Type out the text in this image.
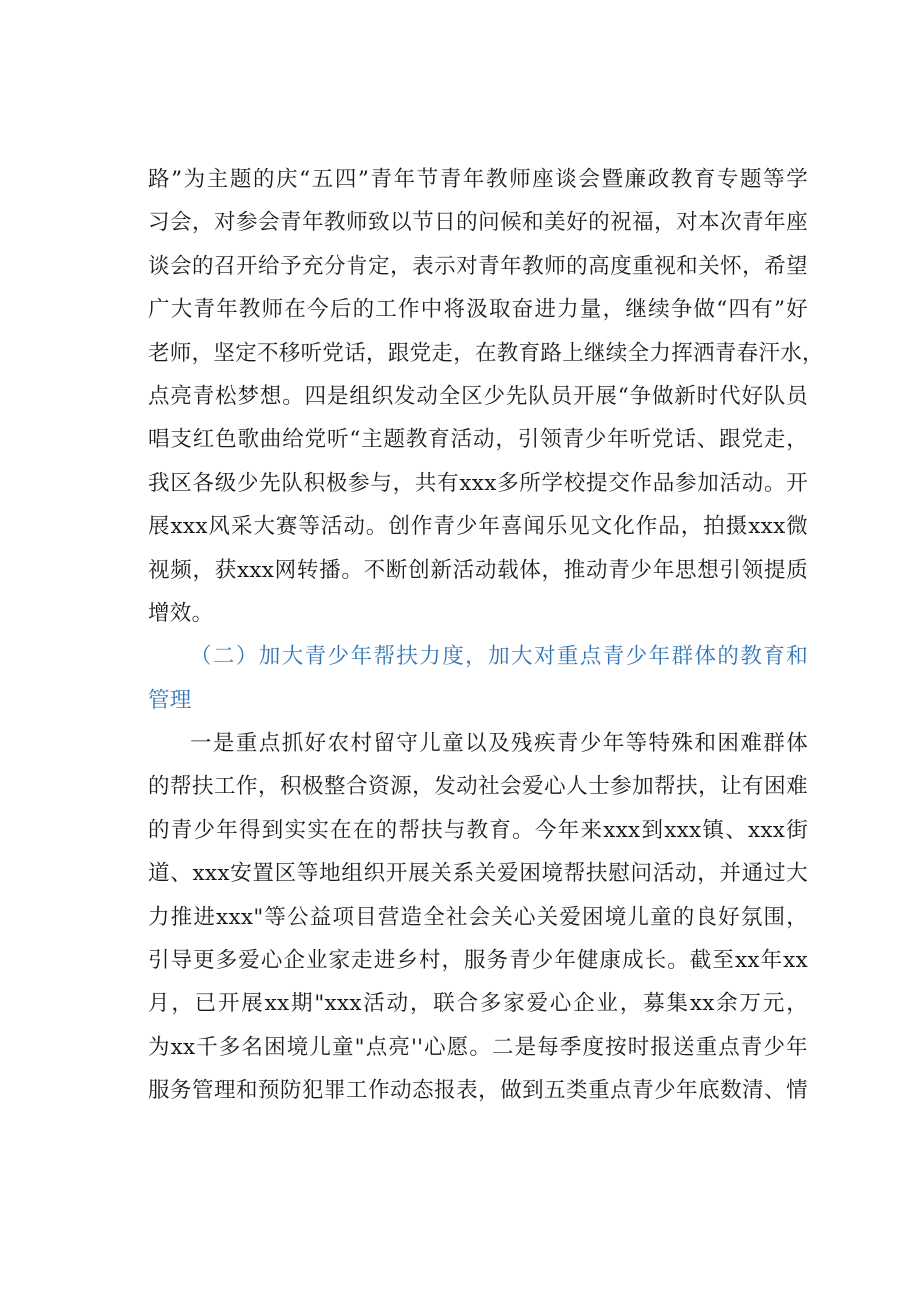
路”为主题的庆“五四”青年节青年教师座谈会暨廉政教育专题等学
习会，对参会青年教师致以节日的问候和美好的祝福，对本次青年座
谈会的召开给予充分肯定，表示对青年教师的高度重视和关怀，希望
广大青年教师在今后的工作中将汲取奋进力量，继续争做“四有”好
老师，坚定不移听党话，跟党走，在教育路上继续全力挥洒青春汗水，
点亮青松梦想。四是组织发动全区少先队员开展“争做新时代好队员
唱支红色歌曲给党听“主题教育活动，引领青少年听党话、跟党走，
我区各级少先队积极参与，共有xxx多所学校提交作品参加活动。开
展xxx风采大赛等活动。创作青少年喜闻乐见文化作品，拍摄xxx微
视频，获xxx网转播。不断创新活动载体，推动青少年思想引领提质
增效。
（二）加大青少年帮扶力度，加大对重点青少年群体的教育和
管理
一是重点抓好农村留守儿童以及残疾青少年等特殊和困难群体
的帮扶工作，积极整合资源，发动社会爱心人士参加帮扶，让有困难
的青少年得到实实在在的帮扶与教育。今年来xxx到xxx镇、xxx街
道、xxx安置区等地组织开展关系关爱困境帮扶慰问活动，并通过大
力推进xxx"等公益项目营造全社会关心关爱困境儿童的良好氛围，
引导更多爱心企业家走进乡村，服务青少年健康成长。截至xx年xx
月，已开展xx期"xxx活动，联合多家爱心企业，募集xx余万元，
为xx千多名困境儿童"点亮''心愿。二是每季度按时报送重点青少年
服务管理和预防犯罪工作动态报表，做到五类重点青少年底数清、情
